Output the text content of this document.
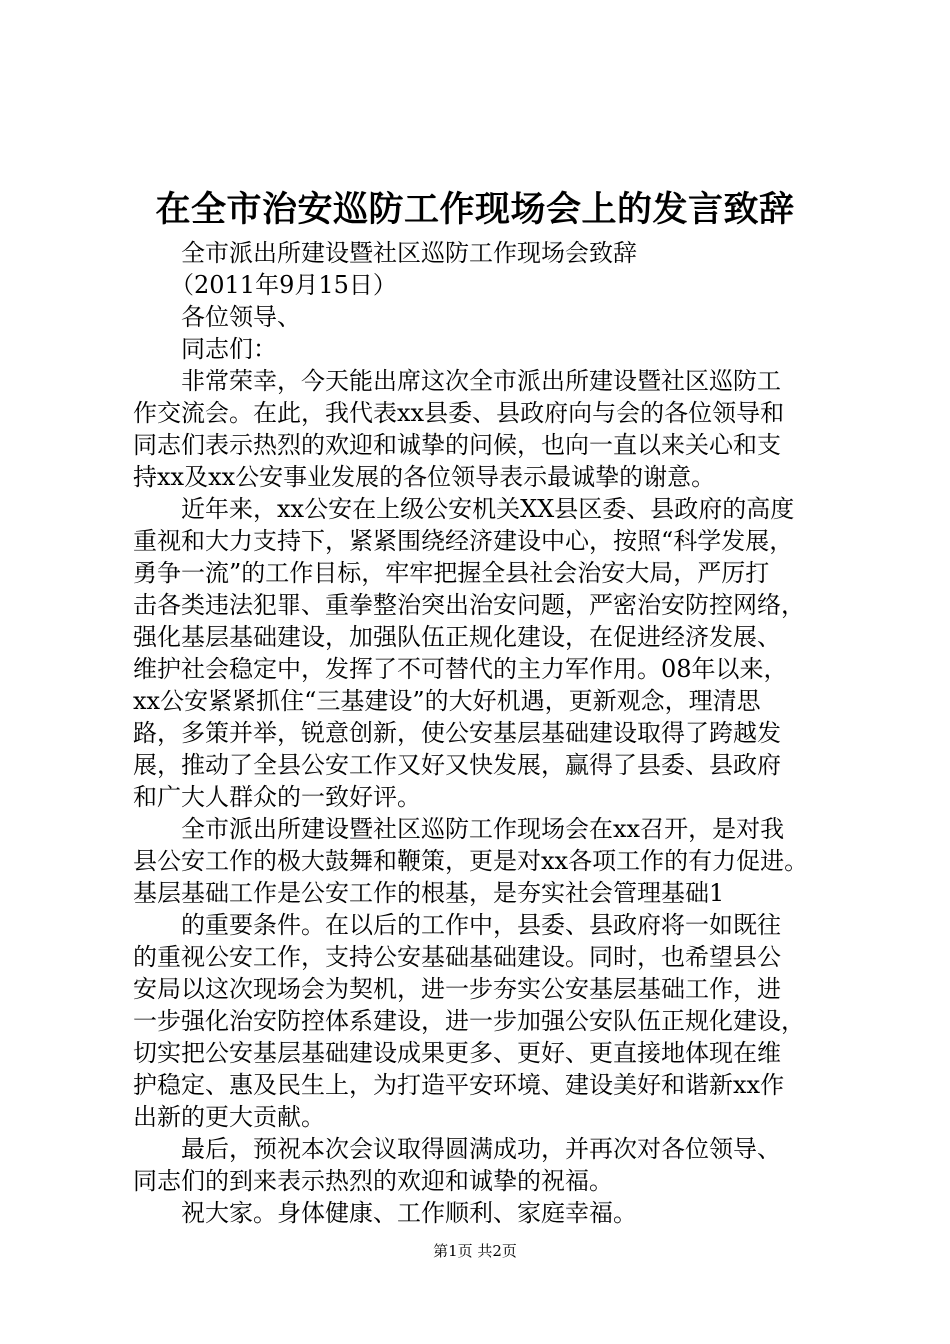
在全市治安巡防工作现场会上的发言致辞
全市派出所建设暨社区巡防工作现场会致辞
（2011年9月15日）
各位领导、
同志们：
非常荣幸，今天能出席这次全市派出所建设暨社区巡防工
作交流会。在此，我代表xx县委、县政府向与会的各位领导和
同志们表示热烈的欢迎和诚挚的问候，也向一直以来关心和支
持xx及xx公安事业发展的各位领导表示最诚挚的谢意。
近年来，xx公安在上级公安机关XX县区委、县政府的高度
重视和大力支持下，紧紧围绕经济建设中心，按照“科学发展，
勇争一流”的工作目标，牢牢把握全县社会治安大局，严厉打
击各类违法犯罪、重拳整治突出治安问题，严密治安防控网络，
强化基层基础建设，加强队伍正规化建设，在促进经济发展、
维护社会稳定中，发挥了不可替代的主力军作用。08年以来，
xx公安紧紧抓住“三基建设”的大好机遇，更新观念，理清思
路，多策并举，锐意创新，使公安基层基础建设取得了跨越发
展，推动了全县公安工作又好又快发展，赢得了县委、县政府
和广大人群众的一致好评。
全市派出所建设暨社区巡防工作现场会在xx召开，是对我
县公安工作的极大鼓舞和鞭策，更是对xx各项工作的有力促进。
基层基础工作是公安工作的根基，是夯实社会管理基础1
的重要条件。在以后的工作中，县委、县政府将一如既往
的重视公安工作，支持公安基础基础建设。同时，也希望县公
安局以这次现场会为契机，进一步夯实公安基层基础工作，进
一步强化治安防控体系建设，进一步加强公安队伍正规化建设，
切实把公安基层基础建设成果更多、更好、更直接地体现在维
护稳定、惠及民生上，为打造平安环境、建设美好和谐新xx作
出新的更大贡献。
最后，预祝本次会议取得圆满成功，并再次对各位领导、
同志们的到来表示热烈的欢迎和诚挚的祝福。
祝大家。身体健康、工作顺利、家庭幸福。
第1页 共2页
